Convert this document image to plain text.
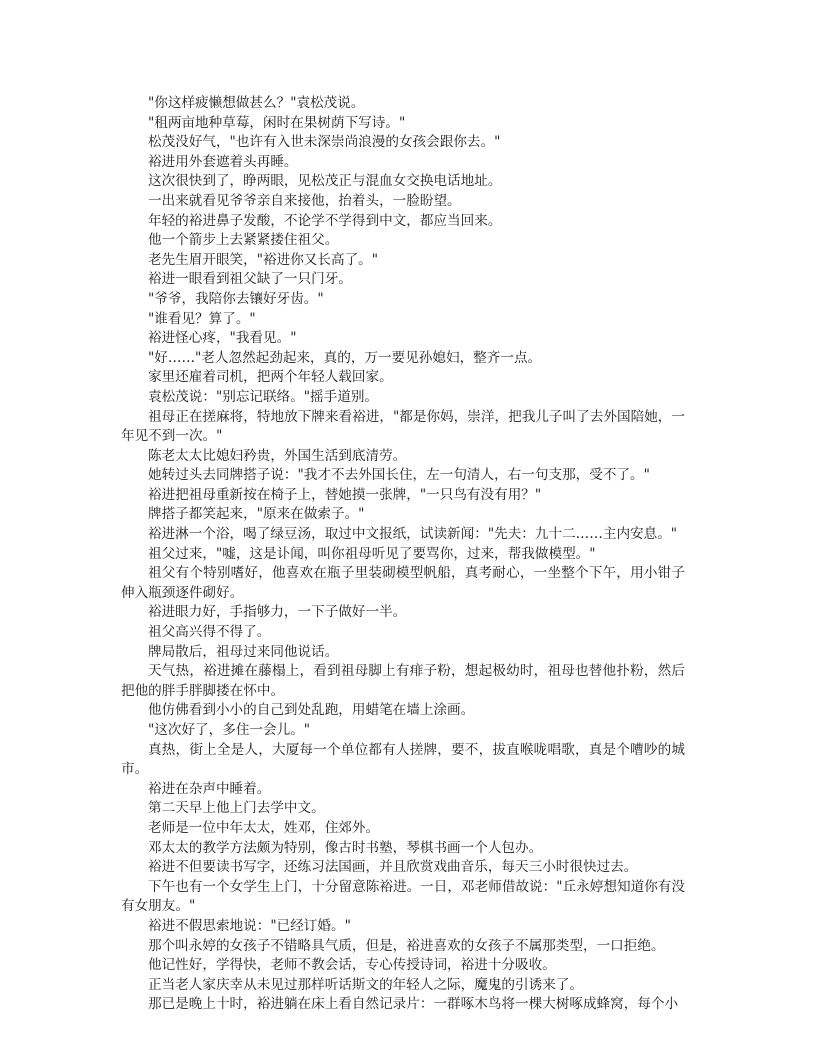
"你这样疲懒想做甚么？"袁松茂说。

"租两亩地种草莓，闲时在果树荫下写诗。"

松茂没好气，"也许有入世未深崇尚浪漫的女孩会跟你去。"

裕进用外套遮着头再睡。

这次很快到了，睁两眼，见松茂正与混血女交换电话地址。

一出来就看见爷爷亲自来接他，抬着头，一脸盼望。

年轻的裕进鼻子发酸，不论学不学得到中文，都应当回来。

他一个箭步上去紧紧搂住祖父。

老先生眉开眼笑，"裕进你又长高了。"

裕进一眼看到祖父缺了一只门牙。

"爷爷，我陪你去镶好牙齿。"

"谁看见？算了。"

裕进怪心疼，"我看见。"

"好……"老人忽然起劲起来，真的，万一要见孙媳妇，整齐一点。

家里还雇着司机，把两个年轻人载回家。

袁松茂说："别忘记联络。"摇手道别。

祖母正在搓麻将，特地放下牌来看裕进，"都是你妈，崇洋，把我儿子叫了去外国陪她，一年见不到一次。"

陈老太太比媳妇矜贵，外国生活到底清劳。

她转过头去同牌搭子说："我才不去外国长住，左一句清人，右一句支那，受不了。"

裕进把祖母重新按在椅子上，替她摸一张牌，"一只鸟有没有用？"

牌搭子都笑起来，"原来在做索子。"

裕进淋一个浴，喝了绿豆汤，取过中文报纸，试读新闻："先夫：九十二……主内安息。"

祖父过来，"嘘，这是讣闻，叫你祖母听见了要骂你，过来，帮我做模型。"

祖父有个特别嗜好，他喜欢在瓶子里装砌模型帆船，真考耐心，一坐整个下午，用小钳子伸入瓶颈逐件砌好。

裕进眼力好，手指够力，一下子做好一半。

祖父高兴得不得了。

牌局散后，祖母过来同他说话。

天气热，裕进摊在藤榻上，看到祖母脚上有痱子粉，想起极幼时，祖母也替他扑粉，然后把他的胖手胖脚搂在怀中。

他仿佛看到小小的自己到处乱跑，用蜡笔在墙上涂画。

"这次好了，多住一会儿。"

真热，街上全是人，大厦每一个单位都有人搓牌，要不，拔直喉咙唱歌，真是个嘈吵的城市。

裕进在杂声中睡着。

第二天早上他上门去学中文。

老师是一位中年太太，姓邓，住郊外。

邓太太的教学方法颇为特别，像古时书塾，琴棋书画一个人包办。

裕进不但要读书写字，还练习法国画，并且欣赏戏曲音乐，每天三小时很快过去。

下午也有一个女学生上门，十分留意陈裕进。一日，邓老师借故说："丘永婷想知道你有没有女朋友。"

裕进不假思索地说："已经订婚。"

那个叫永婷的女孩子不错略具气质，但是，裕进喜欢的女孩子不属那类型，一口拒绝。

他记性好，学得快，老师不教会话，专心传授诗词，裕进十分吸收。

正当老人家庆幸从未见过那样听话斯文的年轻人之际，魔鬼的引诱来了。

那已是晚上十时，裕进躺在床上看自然记录片：一群啄木鸟将一棵大树啄成蜂窝，每个小
